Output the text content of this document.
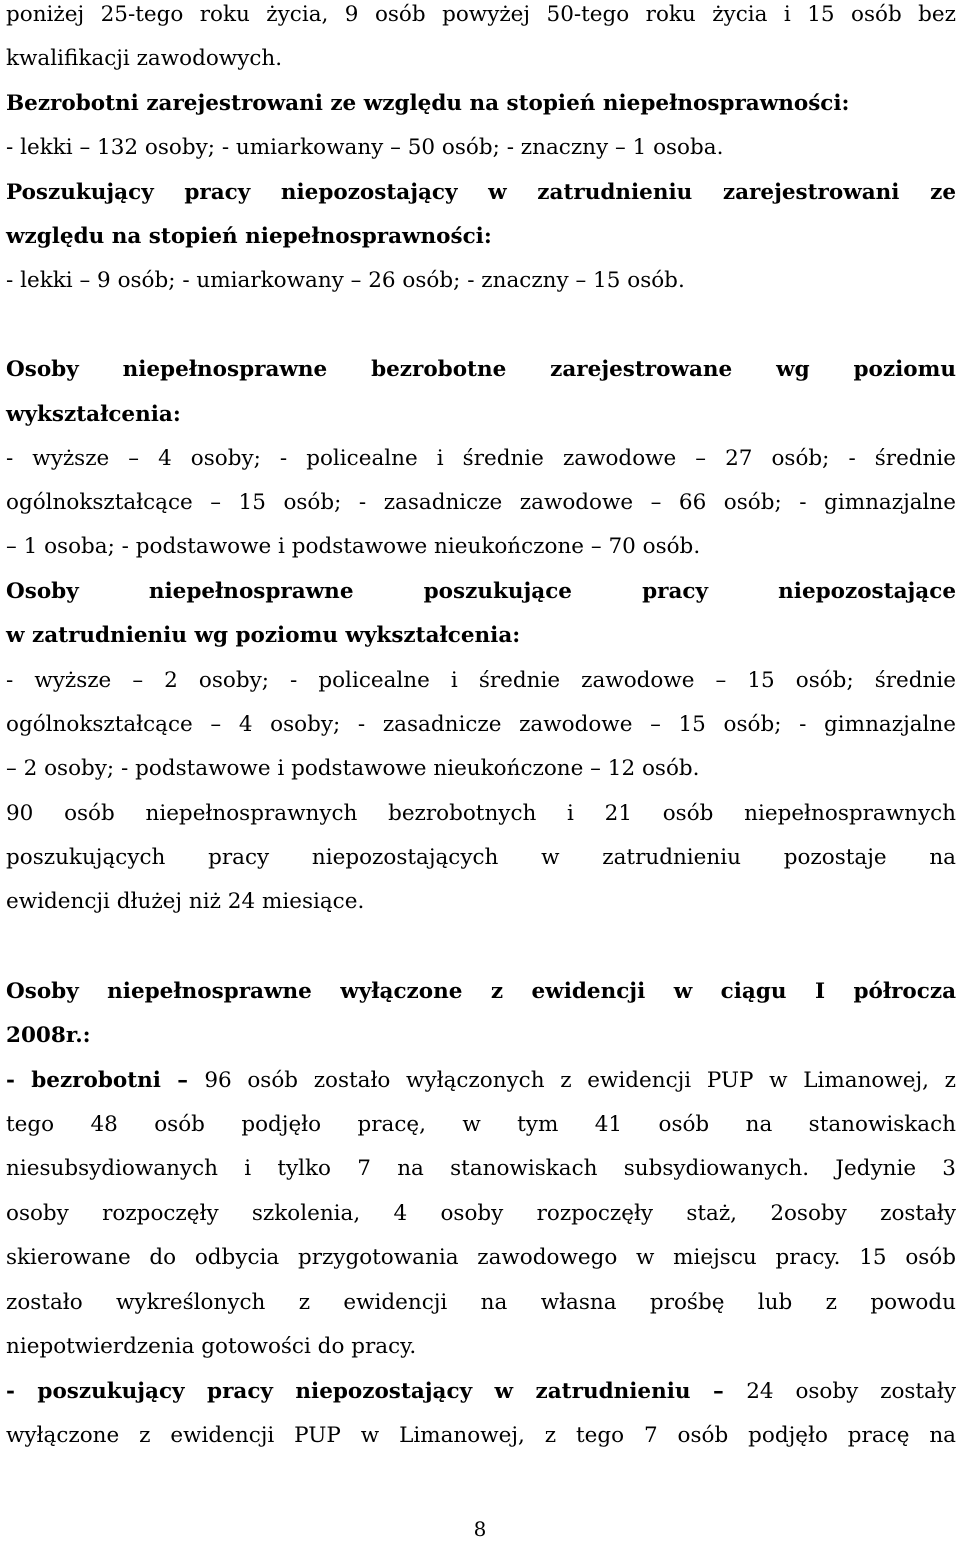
poniżej 25-tego roku życia, 9 osób powyżej 50-tego roku życia i 15 osób bez
kwalifikacji zawodowych.
Bezrobotni zarejestrowani ze względu na stopień niepełnosprawności:
- lekki – 132 osoby; - umiarkowany – 50 osób; - znaczny – 1 osoba.
Poszukujący pracy niepozostający w zatrudnieniu zarejestrowani ze
względu na stopień niepełnosprawności:
- lekki – 9 osób; - umiarkowany – 26 osób; - znaczny – 15 osób.
Osoby niepełnosprawne bezrobotne zarejestrowane wg poziomu
wykształcenia:
- wyższe – 4 osoby; - policealne i średnie zawodowe – 27 osób; - średnie
ogólnokształcące – 15 osób; - zasadnicze zawodowe – 66 osób; - gimnazjalne
– 1 osoba; - podstawowe i podstawowe nieukończone – 70 osób.
Osoby niepełnosprawne poszukujące pracy niepozostające
w zatrudnieniu wg poziomu wykształcenia:
- wyższe – 2 osoby; - policealne i średnie zawodowe – 15 osób; średnie
ogólnokształcące – 4 osoby; - zasadnicze zawodowe – 15 osób; - gimnazjalne
– 2 osoby; - podstawowe i podstawowe nieukończone – 12 osób.
90 osób niepełnosprawnych bezrobotnych i 21 osób niepełnosprawnych
poszukujących pracy niepozostających w zatrudnieniu pozostaje na
ewidencji dłużej niż 24 miesiące.
Osoby niepełnosprawne wyłączone z ewidencji w ciągu I półrocza
2008r.:
- bezrobotni – 96 osób zostało wyłączonych z ewidencji PUP w Limanowej, z
tego 48 osób podjęło pracę, w tym 41 osób na stanowiskach
niesubsydiowanych i tylko 7 na stanowiskach subsydiowanych. Jedynie 3
osoby rozpoczęły szkolenia, 4 osoby rozpoczęły staż, 2osoby zostały
skierowane do odbycia przygotowania zawodowego w miejscu pracy. 15 osób
zostało wykreślonych z ewidencji na własna prośbę lub z powodu
niepotwierdzenia gotowości do pracy.
- poszukujący pracy niepozostający w zatrudnieniu – 24 osoby zostały
wyłączone z ewidencji PUP w Limanowej, z tego 7 osób podjęło pracę na
8
